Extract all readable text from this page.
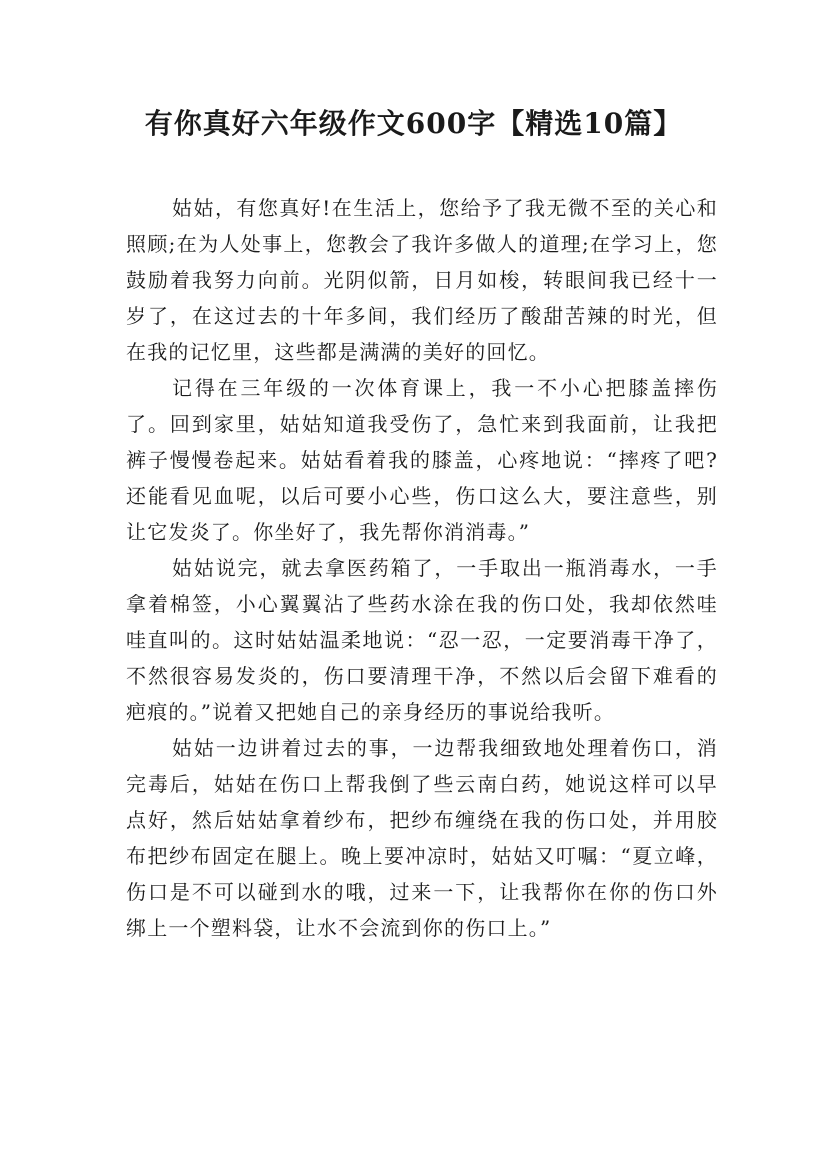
有你真好六年级作文600字【精选10篇】

姑姑，有您真好!在生活上，您给予了我无微不至的关心和照顾;在为人处事上，您教会了我许多做人的道理;在学习上，您鼓励着我努力向前。光阴似箭，日月如梭，转眼间我已经十一岁了，在这过去的十年多间，我们经历了酸甜苦辣的时光，但在我的记忆里，这些都是满满的美好的回忆。

记得在三年级的一次体育课上，我一不小心把膝盖摔伤了。回到家里，姑姑知道我受伤了，急忙来到我面前，让我把裤子慢慢卷起来。姑姑看着我的膝盖，心疼地说：“摔疼了吧?还能看见血呢，以后可要小心些，伤口这么大，要注意些，别让它发炎了。你坐好了，我先帮你消消毒。”

姑姑说完，就去拿医药箱了，一手取出一瓶消毒水，一手拿着棉签，小心翼翼沾了些药水涂在我的伤口处，我却依然哇哇直叫的。这时姑姑温柔地说：“忍一忍，一定要消毒干净了，不然很容易发炎的，伤口要清理干净，不然以后会留下难看的疤痕的。”说着又把她自己的亲身经历的事说给我听。

姑姑一边讲着过去的事，一边帮我细致地处理着伤口，消完毒后，姑姑在伤口上帮我倒了些云南白药，她说这样可以早点好，然后姑姑拿着纱布，把纱布缠绕在我的伤口处，并用胶布把纱布固定在腿上。晚上要冲凉时，姑姑又叮嘱：“夏立峰，伤口是不可以碰到水的哦，过来一下，让我帮你在你的伤口外绑上一个塑料袋，让水不会流到你的伤口上。”
